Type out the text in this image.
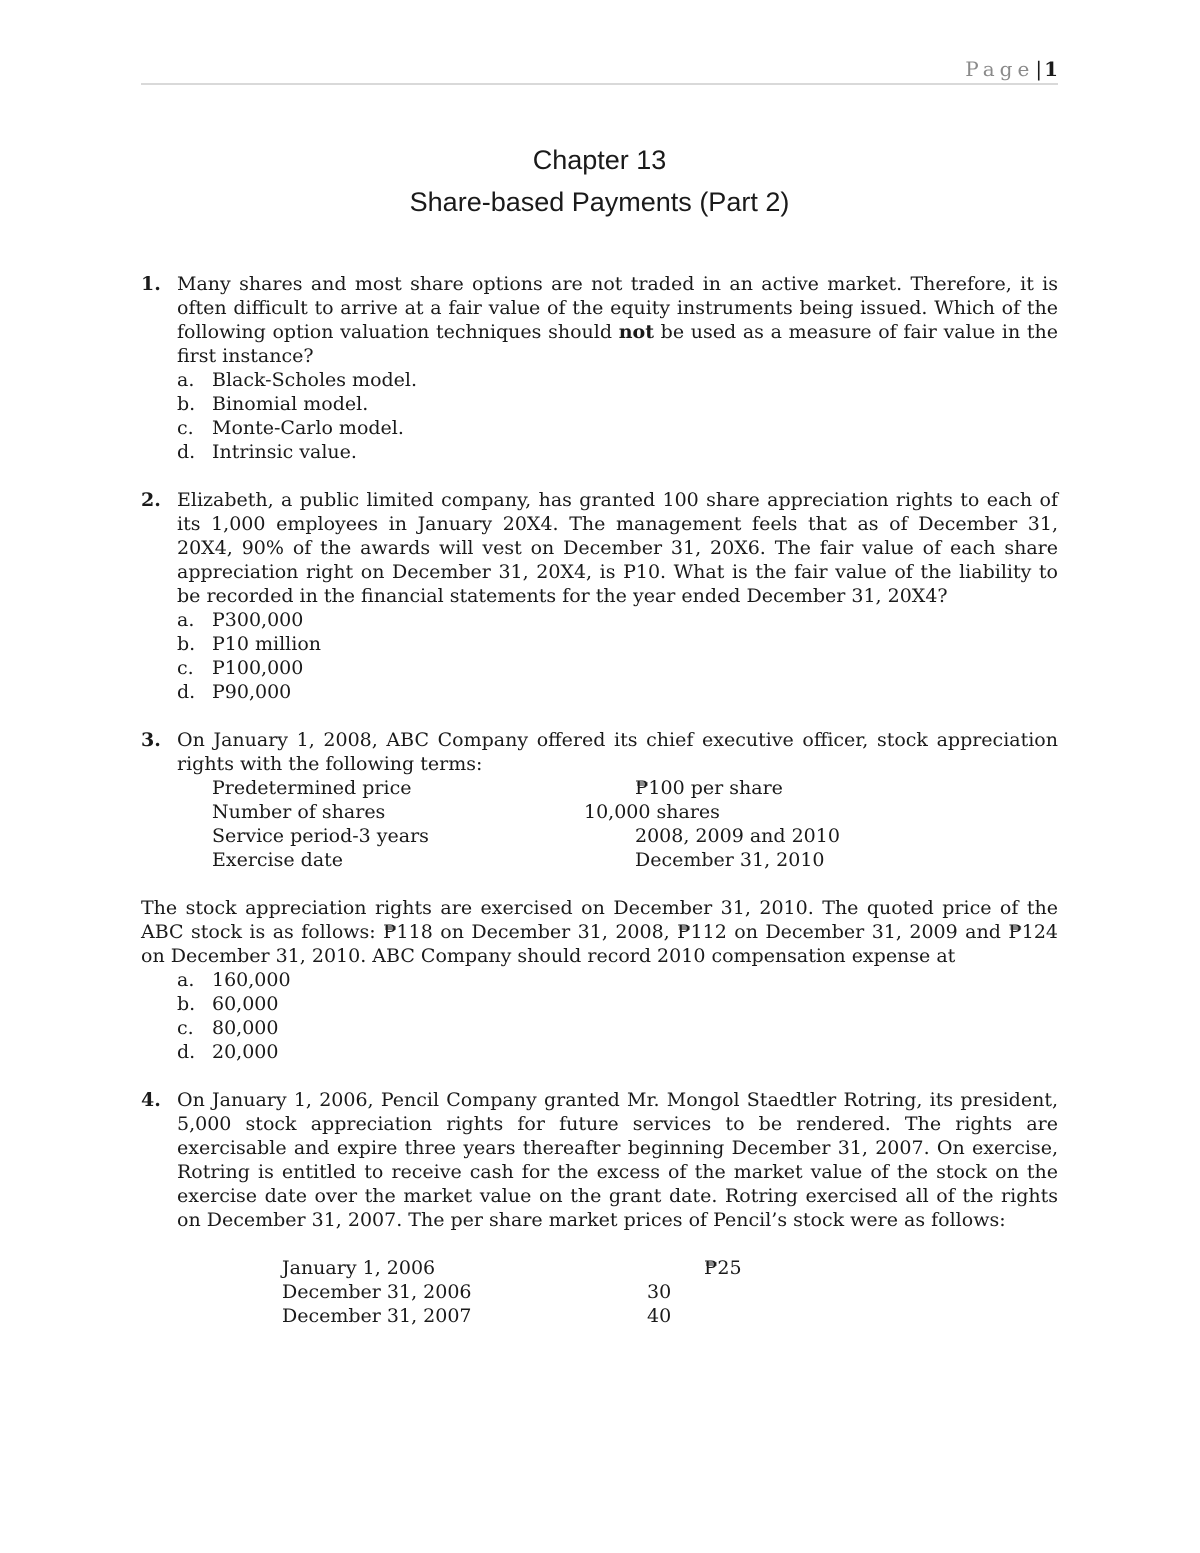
Page| 1
Chapter 13
Share-based Payments (Part 2)
1. Many shares and most share options are not traded in an active market. Therefore, it is often difficult to arrive at a fair value of the equity instruments being issued. Which of the following option valuation techniques should not be used as a measure of fair value in the first instance?
a. Black-Scholes model.
b. Binomial model.
c. Monte-Carlo model.
d. Intrinsic value.
2. Elizabeth, a public limited company, has granted 100 share appreciation rights to each of its 1,000 employees in January 20X4. The management feels that as of December 31, 20X4, 90% of the awards will vest on December 31, 20X6. The fair value of each share appreciation right on December 31, 20X4, is P10. What is the fair value of the liability to be recorded in the financial statements for the year ended December 31, 20X4?
a. P300,000
b. P10 million
c. P100,000
d. P90,000
3. On January 1, 2008, ABC Company offered its chief executive officer, stock appreciation rights with the following terms:
Predetermined price	₱100 per share
Number of shares	10,000 shares
Service period-3 years	2008, 2009 and 2010
Exercise date	December 31, 2010
The stock appreciation rights are exercised on December 31, 2010. The quoted price of the ABC stock is as follows: ₱118 on December 31, 2008, ₱112 on December 31, 2009 and ₱124 on December 31, 2010. ABC Company should record 2010 compensation expense at
a. 160,000
b. 60,000
c. 80,000
d. 20,000
4. On January 1, 2006, Pencil Company granted Mr. Mongol Staedtler Rotring, its president, 5,000 stock appreciation rights for future services to be rendered. The rights are exercisable and expire three years thereafter beginning December 31, 2007. On exercise, Rotring is entitled to receive cash for the excess of the market value of the stock on the exercise date over the market value on the grant date. Rotring exercised all of the rights on December 31, 2007. The per share market prices of Pencil’s stock were as follows:
January 1, 2006	₱25
December 31, 2006	30
December 31, 2007	40
